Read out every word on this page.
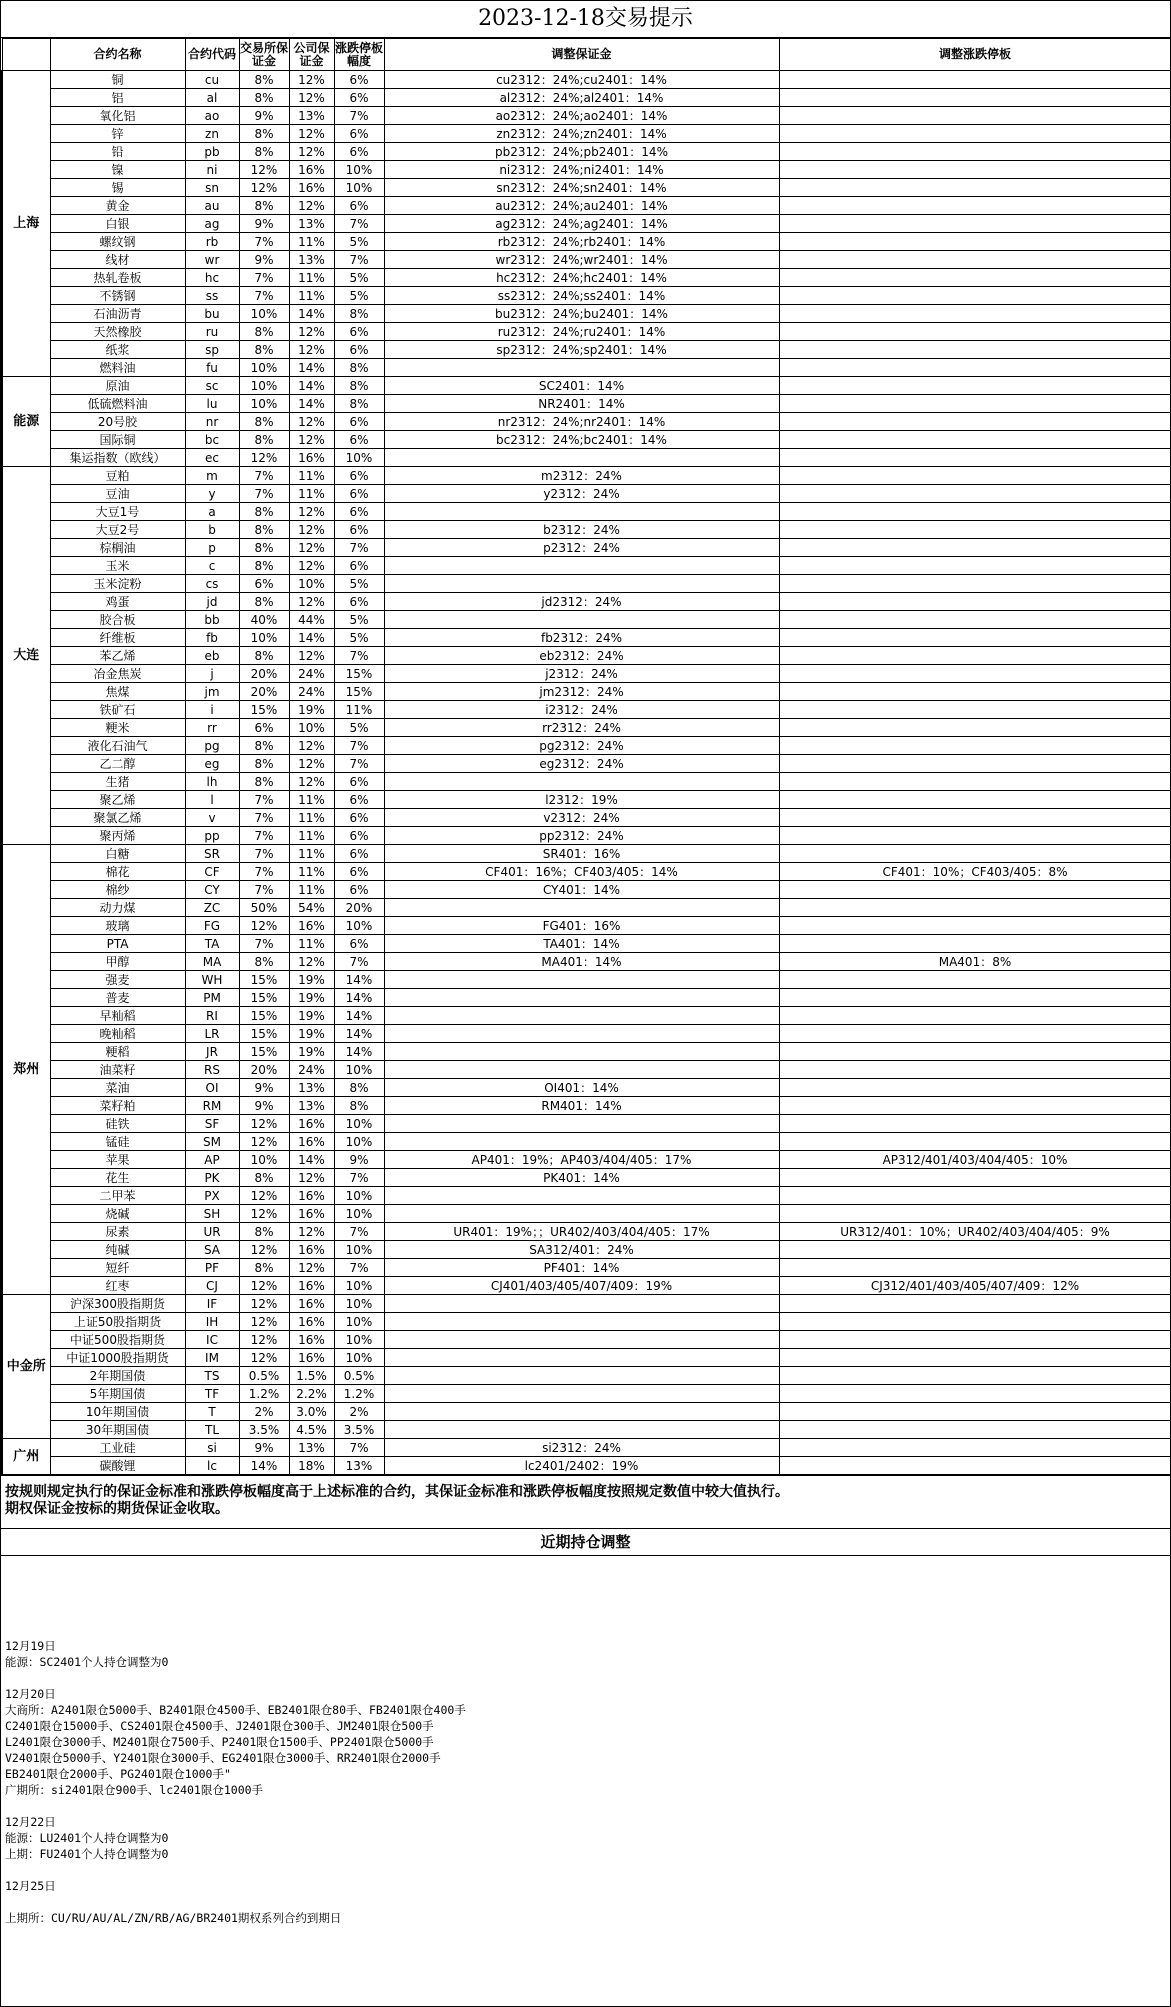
2023-12-18交易提示
	合约名称	合约代码	交易所保证金	公司保证金	涨跌停板幅度	调整保证金	调整涨跌停板
上海	铜	cu	8%	12%	6%	cu2312：24%;cu2401：14%	
	铝	al	8%	12%	6%	al2312：24%;al2401：14%	
	氧化铝	ao	9%	13%	7%	ao2312：24%;ao2401：14%	
	锌	zn	8%	12%	6%	zn2312：24%;zn2401：14%	
	铅	pb	8%	12%	6%	pb2312：24%;pb2401：14%	
	镍	ni	12%	16%	10%	ni2312：24%;ni2401：14%	
	锡	sn	12%	16%	10%	sn2312：24%;sn2401：14%	
	黄金	au	8%	12%	6%	au2312：24%;au2401：14%	
	白银	ag	9%	13%	7%	ag2312：24%;ag2401：14%	
	螺纹钢	rb	7%	11%	5%	rb2312：24%;rb2401：14%	
	线材	wr	9%	13%	7%	wr2312：24%;wr2401：14%	
	热轧卷板	hc	7%	11%	5%	hc2312：24%;hc2401：14%	
	不锈钢	ss	7%	11%	5%	ss2312：24%;ss2401：14%	
	石油沥青	bu	10%	14%	8%	bu2312：24%;bu2401：14%	
	天然橡胶	ru	8%	12%	6%	ru2312：24%;ru2401：14%	
	纸浆	sp	8%	12%	6%	sp2312：24%;sp2401：14%	
	燃料油	fu	10%	14%	8%		
能源	原油	sc	10%	14%	8%	SC2401：14%	
	低硫燃料油	lu	10%	14%	8%	NR2401：14%	
	20号胶	nr	8%	12%	6%	nr2312：24%;nr2401：14%	
	国际铜	bc	8%	12%	6%	bc2312：24%;bc2401：14%	
	集运指数（欧线）	ec	12%	16%	10%		
大连	豆粕	m	7%	11%	6%	m2312：24%	
	豆油	y	7%	11%	6%	y2312：24%	
	大豆1号	a	8%	12%	6%		
	大豆2号	b	8%	12%	6%	b2312：24%	
	棕榈油	p	8%	12%	7%	p2312：24%	
	玉米	c	8%	12%	6%		
	玉米淀粉	cs	6%	10%	5%		
	鸡蛋	jd	8%	12%	6%	jd2312：24%	
	胶合板	bb	40%	44%	5%		
	纤维板	fb	10%	14%	5%	fb2312：24%	
	苯乙烯	eb	8%	12%	7%	eb2312：24%	
	冶金焦炭	j	20%	24%	15%	j2312：24%	
	焦煤	jm	20%	24%	15%	jm2312：24%	
	铁矿石	i	15%	19%	11%	i2312：24%	
	粳米	rr	6%	10%	5%	rr2312：24%	
	液化石油气	pg	8%	12%	7%	pg2312：24%	
	乙二醇	eg	8%	12%	7%	eg2312：24%	
	生猪	lh	8%	12%	6%		
	聚乙烯	l	7%	11%	6%	l2312：19%	
	聚氯乙烯	v	7%	11%	6%	v2312：24%	
	聚丙烯	pp	7%	11%	6%	pp2312：24%	
郑州	白糖	SR	7%	11%	6%	SR401：16%	
	棉花	CF	7%	11%	6%	CF401：16%；CF403/405：14%	CF401：10%；CF403/405：8%
	棉纱	CY	7%	11%	6%	CY401：14%	
	动力煤	ZC	50%	54%	20%		
	玻璃	FG	12%	16%	10%	FG401：16%	
	PTA	TA	7%	11%	6%	TA401：14%	
	甲醇	MA	8%	12%	7%	MA401：14%	MA401：8%
	强麦	WH	15%	19%	14%		
	普麦	PM	15%	19%	14%		
	早籼稻	RI	15%	19%	14%		
	晚籼稻	LR	15%	19%	14%		
	粳稻	JR	15%	19%	14%		
	油菜籽	RS	20%	24%	10%		
	菜油	OI	9%	13%	8%	OI401：14%	
	菜籽粕	RM	9%	13%	8%	RM401：14%	
	硅铁	SF	12%	16%	10%		
	锰硅	SM	12%	16%	10%		
	苹果	AP	10%	14%	9%	AP401：19%；AP403/404/405：17%	AP312/401/403/404/405：10%
	花生	PK	8%	12%	7%	PK401：14%	
	二甲苯	PX	12%	16%	10%		
	烧碱	SH	12%	16%	10%		
	尿素	UR	8%	12%	7%	UR401：19%；；UR402/403/404/405：17%	UR312/401：10%；UR402/403/404/405：9%
	纯碱	SA	12%	16%	10%	SA312/401：24%	
	短纤	PF	8%	12%	7%	PF401：14%	
	红枣	CJ	12%	16%	10%	CJ401/403/405/407/409：19%	CJ312/401/403/405/407/409：12%
中金所	沪深300股指期货	IF	12%	16%	10%		
	上证50股指期货	IH	12%	16%	10%		
	中证500股指期货	IC	12%	16%	10%		
	中证1000股指期货	IM	12%	16%	10%		
	2年期国债	TS	0.5%	1.5%	0.5%		
	5年期国债	TF	1.2%	2.2%	1.2%		
	10年期国债	T	2%	3.0%	2%		
	30年期国债	TL	3.5%	4.5%	3.5%		
广州	工业硅	si	9%	13%	7%	si2312：24%	
	碳酸锂	lc	14%	18%	13%	lc2401/2402：19%	
按规则规定执行的保证金标准和涨跌停板幅度高于上述标准的合约，其保证金标准和涨跌停板幅度按照规定数值中较大值执行。
期权保证金按标的期货保证金收取。
近期持仓调整
12月19日
能源：SC2401个人持仓调整为0
12月20日
大商所：A2401限仓5000手、B2401限仓4500手、EB2401限仓80手、FB2401限仓400手
C2401限仓15000手、CS2401限仓4500手、J2401限仓300手、JM2401限仓500手
L2401限仓3000手、M2401限仓7500手、P2401限仓1500手、PP2401限仓5000手
V2401限仓5000手、Y2401限仓3000手、EG2401限仓3000手、RR2401限仓2000手
EB2401限仓2000手、PG2401限仓1000手"
广期所：si2401限仓900手、lc2401限仓1000手
12月22日
能源：LU2401个人持仓调整为0
上期：FU2401个人持仓调整为0
12月25日

上期所：CU/RU/AU/AL/ZN/RB/AG/BR2401期权系列合约到期日
